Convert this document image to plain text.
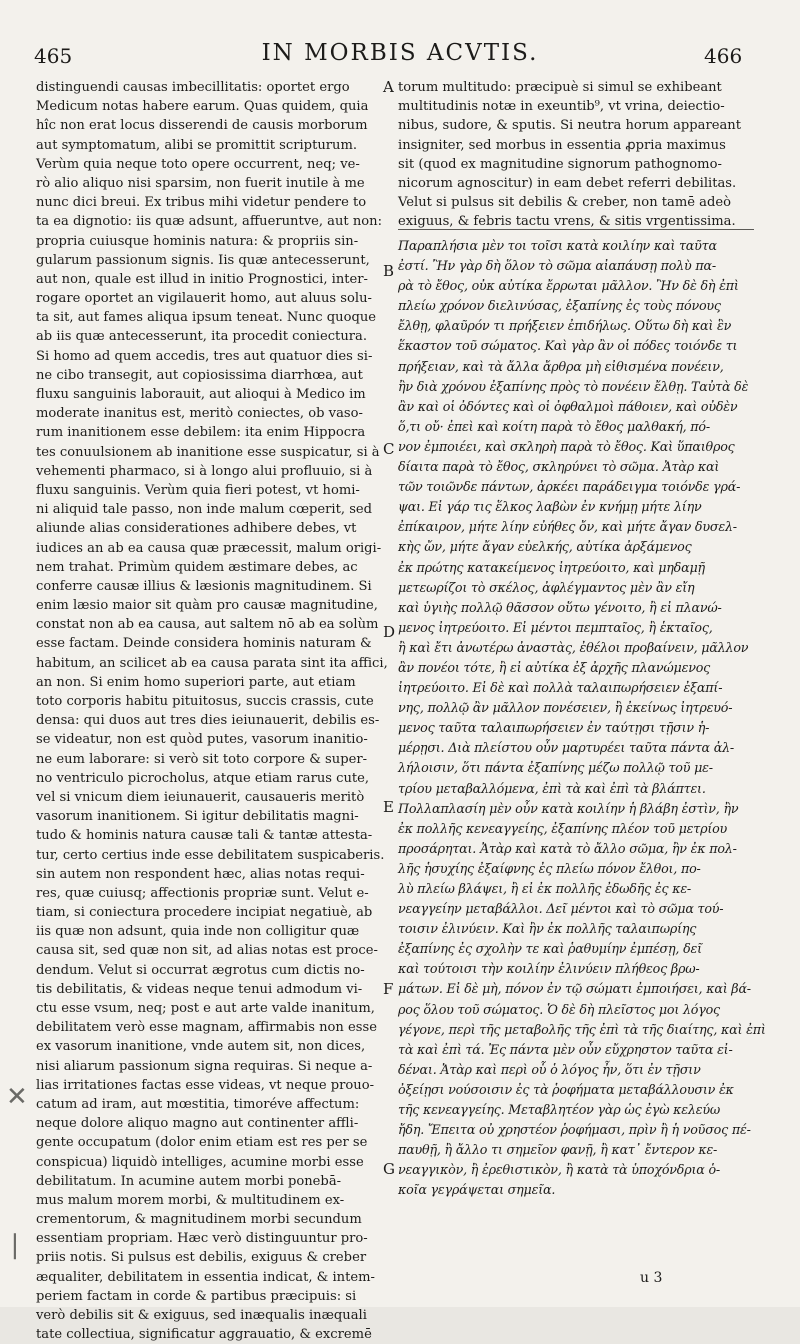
465	IN MORBIS ACVTIS.	466
distinguendi causas imbecillitatis: oportet ergo
Medicum notas habere earum. Quas quidem, quia
hîc non erat locus disserendi de causis morborum
aut symptomatum, alibi se promittit scripturum.
Verùm quia neque toto opere occurrent, neq; ve-
rò alio aliquo nisi sparsim, non fuerit inutile à me
nunc dici breui. Ex tribus mihi videtur pendere to
ta ea dignotio: iis quæ adsunt, affueruntve, aut non:
propria cuiusque hominis natura: & propriis sin-
gularum passionum signis. Iis quæ antecesserunt,
aut non, quale est illud in initio Prognostici, inter-
rogare oportet an vigilauerit homo, aut aluus solu-
ta sit, aut fames aliqua ipsum teneat. Nunc quoque
ab iis quæ antecesserunt, ita procedit coniectura.
Si homo ad quem accedis, tres aut quatuor dies si-
ne cibo transegit, aut copiosissima diarrhœa, aut
fluxu sanguinis laborauit, aut alioqui à Medico im
moderate inanitus est, meritò coniectes, ob vaso-
rum inanitionem esse debilem: ita enim Hippocra
tes conuulsionem ab inanitione esse suspicatur, si à
vehementi pharmaco, si à longo alui profluuio, si à
fluxu sanguinis. Verùm quia fieri potest, vt homi-
ni aliquid tale passo, non inde malum cœperit, sed
aliunde alias considerationes adhibere debes, vt
iudices an ab ea causa quæ præcessit, malum origi-
nem trahat. Primùm quidem æstimare debes, ac
conferre causæ illius & læsionis magnitudinem. Si
enim læsio maior sit quàm pro causæ magnitudine,
constat non ab ea causa, aut saltem nō ab ea solùm
esse factam. Deinde considera hominis naturam &
habitum, an scilicet ab ea causa parata sint ita affici,
an non. Si enim homo superiori parte, aut etiam
toto corporis habitu pituitosus, succis crassis, cute
densa: qui duos aut tres dies ieiunauerit, debilis es-
se videatur, non est quòd putes, vasorum inanitio-
ne eum laborare: si verò sit toto corpore & super-
no ventriculo picrocholus, atque etiam rarus cute,
vel si vnicum diem ieiunauerit, causaueris meritò
vasorum inanitionem. Si igitur debilitatis magni-
tudo & hominis natura causæ tali & tantæ attesta-
tur, certo certius inde esse debilitatem suspicaberis.
sin autem non respondent hæc, alias notas requi-
res, quæ cuiusq; affectionis propriæ sunt. Velut e-
tiam, si coniectura procedere incipiat negatiuè, ab
iis quæ non adsunt, quia inde non colligitur quæ
causa sit, sed quæ non sit, ad alias notas est proce-
dendum. Velut si occurrat ægrotus cum dictis no-
tis debilitatis, & videas neque tenui admodum vi-
ctu esse vsum, neq; post e aut arte valde inanitum,
debilitatem verò esse magnam, affirmabis non esse
ex vasorum inanitione, vnde autem sit, non dices,
nisi aliarum passionum signa requiras. Si neque a-
lias irritationes factas esse videas, vt neque prouo-
catum ad iram, aut mœstitia, timoréve affectum:
neque dolore aliquo magno aut continenter affli-
gente occupatum (dolor enim etiam est res per se
conspicua) liquidò intelliges, acumine morbi esse
debilitatum. In acumine autem morbi ponebā-
mus malum morem morbi, & multitudinem ex-
crementorum, & magnitudinem morbi secundum
essentiam propriam. Hæc verò distinguuntur pro-
priis notis. Si pulsus est debilis, exiguus & creber
æqualiter, debilitatem in essentia indicat, & intem-
periem factam in corde & partibus præcipuis: si
verò debilis sit & exiguus, sed inæqualis inæquali
tate collectiua, significatur aggrauatio, & excremē
torum multitudo: præcipuè si simul se exhibeant
multitudinis notæ in exeuntib⁹, vt vrina, deiectio-
nibus, sudore, & sputis. Si neutra horum appareant
insigniter, sed morbus in essentia ꝓpria maximus
sit (quod ex magnitudine signorum pathognomo-
nicorum agnoscitur) in eam debet referri debilitas.
Velut si pulsus sit debilis & creber, non tamē adeò
exiguus, & febris tactu vrens, & sitis vrgentissima.
Παραπλήσια μὲν τοι τοῖσι κατὰ κοιλίην καὶ ταῦτα
ἐστί. Ἢν γὰρ δὴ ὅλον τὸ σῶμα αἰαπάυσῃ πολὺ πα-
ρὰ τὸ ἔθος, οὐκ αὐτίκα ἔρρωται μᾶλλον. Ἢν δὲ δὴ ἐπὶ
πλείω χρόνον διελινύσας, ἐξαπίνης ἐς τοὺς πόνους
ἔλθῃ, φλαῦρόν τι πρήξειεν ἐπιδήλως. Οὕτω δὴ καὶ ἓν
ἕκαστον τοῦ σώματος. Καὶ γὰρ ἂν οἱ πόδες τοιόνδε τι
πρήξειαν, καὶ τὰ ἄλλα ἄρθρα μὴ εἰθισμένα πονέειν,
ἢν διὰ χρόνου ἐξαπίνης πρὸς τὸ πονέειν ἔλθῃ. Ταὐτὰ δὲ
ἂν καὶ οἱ ὀδόντες καὶ οἱ ὀφθαλμοὶ πάθοιεν, καὶ οὐδὲν
ὅ,τι οὔ· ἐπεὶ καὶ κοίτη παρὰ τὸ ἔθος μαλθακή, πό-
νον ἐμποιέει, καὶ σκληρὴ παρὰ τὸ ἔθος. Καὶ ὕπαιθρος
δίαιτα παρὰ τὸ ἔθος, σκληρύνει τὸ σῶμα. Ἀτὰρ καὶ
τῶν τοιῶνδε πάντων, ἀρκέει παράδειγμα τοιόνδε γρά-
ψαι. Εἰ γάρ τις ἕλκος λαβὼν ἐν κνήμῃ μήτε λίην
ἐπίκαιρον, μήτε λίην εὐήθες ὄν, καὶ μήτε ἄγαν δυσελ-
κὴς ὤν, μήτε ἄγαν εὐελκής, αὐτίκα ἀρξάμενος
ἐκ πρώτης κατακείμενος ἰητρεύοιτο, καὶ μηδαμῇ
μετεωρίζοι τὸ σκέλος, ἀφλέγμαντος μὲν ἂν εἴη
καὶ ὑγιὴς πολλῷ θᾶσσον οὕτω γένοιτο, ἢ εἰ πλανώ-
μενος ἰητρεύοιτο. Εἰ μέντοι πεμπταῖος, ἢ ἑκταῖος,
ἢ καὶ ἔτι ἀνωτέρω ἀναστὰς, ἐθέλοι προβαίνειν, μᾶλλον
ἂν πονέοι τότε, ἢ εἰ αὐτίκα ἐξ ἀρχῆς πλανώμενος
ἰητρεύοιτο. Εἰ δὲ καὶ πολλὰ ταλαιπωρήσειεν ἐξαπί-
νης, πολλῷ ἂν μᾶλλον πονέσειεν, ἢ ἐκείνως ἰητρευό-
μενος ταῦτα ταλαιπωρήσειεν ἐν ταύτῃσι τῇσιν ἡ-
μέρῃσι. Διὰ πλείστου οὖν μαρτυρέει ταῦτα πάντα ἀλ-
λήλοισιν, ὅτι πάντα ἐξαπίνης μέζω πολλῷ τοῦ με-
τρίου μεταβαλλόμενα, ἐπὶ τὰ καὶ ἐπὶ τὰ βλάπτει.
Πολλαπλασίη μὲν οὖν κατὰ κοιλίην ἡ βλάβη ἐστὶν, ἢν
ἐκ πολλῆς κενεαγγείης, ἐξαπίνης πλέον τοῦ μετρίου
προσάρηται. Ἀτὰρ καὶ κατὰ τὸ ἄλλο σῶμα, ἢν ἐκ πολ-
λῆς ἡσυχίης ἐξαίφνης ἐς πλείω πόνον ἔλθοι, πο-
λὺ πλείω βλάψει, ἢ εἰ ἐκ πολλῆς ἐδωδῆς ἐς κε-
νεαγγείην μεταβάλλοι. Δεῖ μέντοι καὶ τὸ σῶμα τού-
τοισιν ἐλινύειν. Καὶ ἢν ἐκ πολλῆς ταλαιπωρίης
ἐξαπίνης ἐς σχολὴν τε καὶ ῥαθυμίην ἐμπέσῃ, δεῖ
καὶ τούτοισι τὴν κοιλίην ἐλινύειν πλήθεος βρω-
μάτων. Εἰ δὲ μὴ, πόνον ἐν τῷ σώματι ἐμποιήσει, καὶ βά-
ρος ὅλου τοῦ σώματος. Ὁ δὲ δὴ πλεῖστος μοι λόγος
γέγονε, περὶ τῆς μεταβολῆς τῆς ἐπὶ τὰ τῆς διαίτης, καὶ ἐπὶ
τὰ καὶ ἐπὶ τά. Ἐς πάντα μὲν οὖν εὔχρηστον ταῦτα εἰ-
δέναι. Ἀτὰρ καὶ περὶ οὗ ὁ λόγος ἦν, ὅτι ἐν τῇσιν
ὀξείῃσι νούσοισιν ἐς τὰ ῥοφήματα μεταβάλλουσιν ἐκ
τῆς κενεαγγείης. Μεταβλητέον γὰρ ὡς ἐγὼ κελεύω
ἤδη. Ἔπειτα οὐ χρηστέον ῥοφήμασι, πρὶν ἢ ἡ νοῦσος πέ-
παυθῇ, ἢ ἄλλο τι σημεῖον φανῇ, ἢ κατ᾽ ἔντερον κε-
νεαγγικὸν, ἢ ἐρεθιστικὸν, ἢ κατὰ τὰ ὑποχόνδρια ὁ-
κοῖα γεγράψεται σημεῖα.
A
B
C
D
E
F
G
✕
❘
u 3
